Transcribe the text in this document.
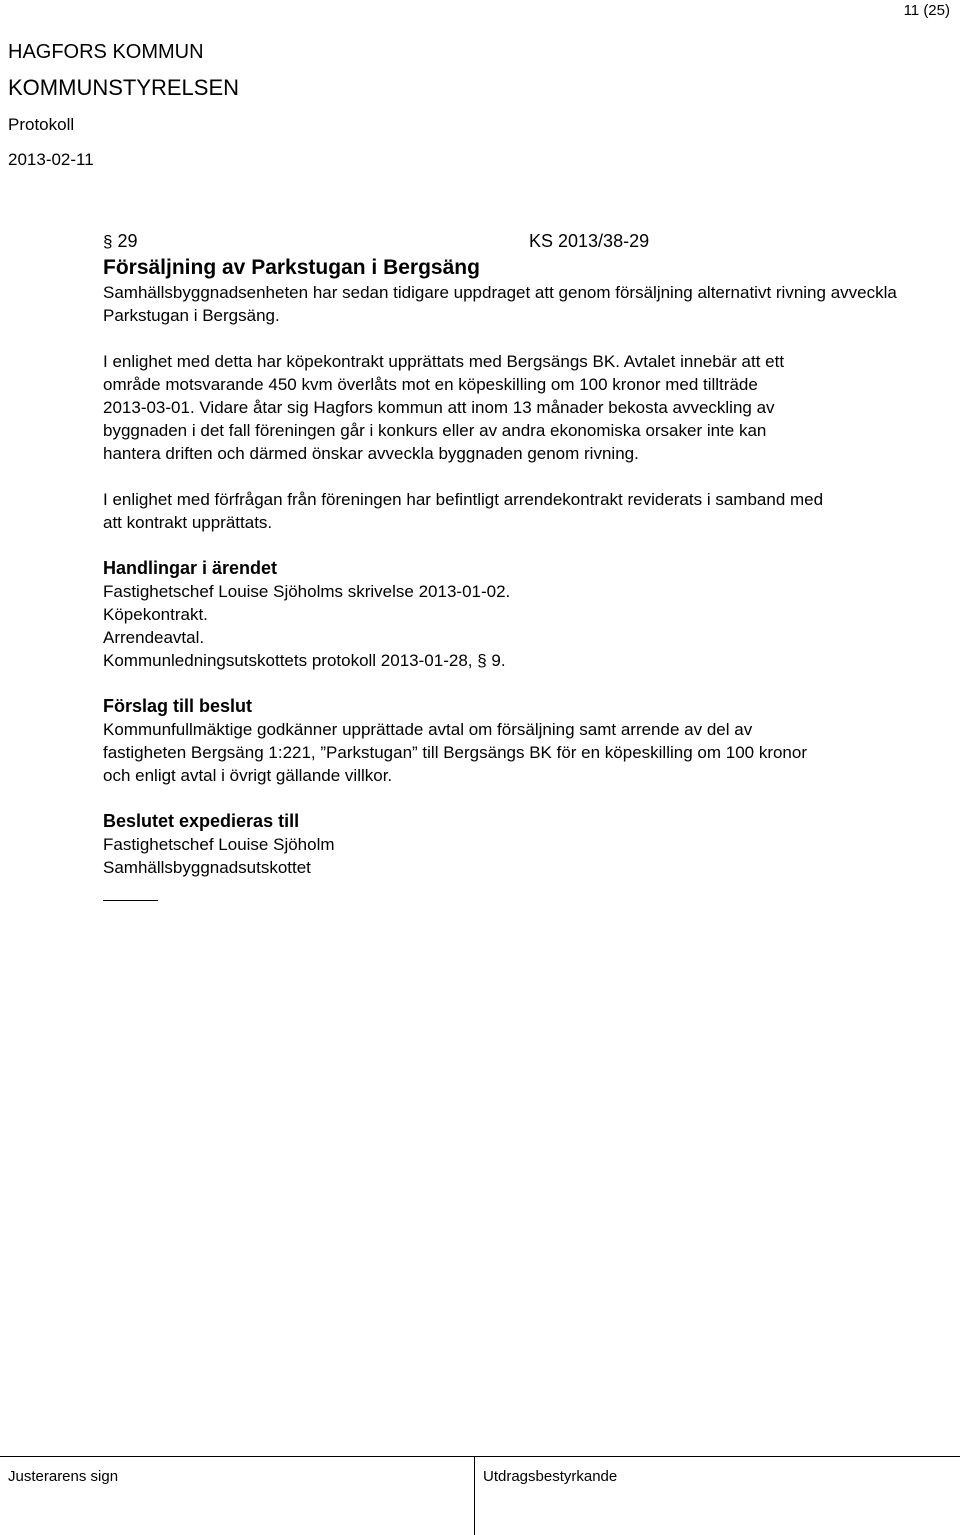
11 (25)
HAGFORS KOMMUN
KOMMUNSTYRELSEN
Protokoll
2013-02-11
§ 29	KS 2013/38-29

Försäljning av Parkstugan i Bergsäng

Samhällsbyggnadsenheten har sedan tidigare uppdraget att genom försäljning alternativt rivning avveckla Parkstugan i Bergsäng.

I enlighet med detta har köpekontrakt upprättats med Bergsängs BK. Avtalet innebär att ett

område motsvarande 450 kvm överlåts mot en köpeskilling om 100 kronor med tillträde

2013-03-01. Vidare åtar sig Hagfors kommun att inom 13 månader bekosta avveckling av

byggnaden i det fall föreningen går i konkurs eller av andra ekonomiska orsaker inte kan

hantera driften och därmed önskar avveckla byggnaden genom rivning.

I enlighet med förfrågan från föreningen har befintligt arrendekontrakt reviderats i samband med

att kontrakt upprättats.

Handlingar i ärendet

Fastighetschef Louise Sjöholms skrivelse 2013-01-02.

Köpekontrakt.

Arrendeavtal.

Kommunledningsutskottets protokoll 2013-01-28, § 9.

Förslag till beslut

Kommunfullmäktige godkänner upprättade avtal om försäljning samt arrende av del av

fastigheten Bergsäng 1:221, ”Parkstugan” till Bergsängs BK för en köpeskilling om 100 kronor

och enligt avtal i övrigt gällande villkor.

Beslutet expedieras till

Fastighetschef Louise Sjöholm

Samhällsbyggnadsutskottet

Justerarens sign	Utdragsbestyrkande
